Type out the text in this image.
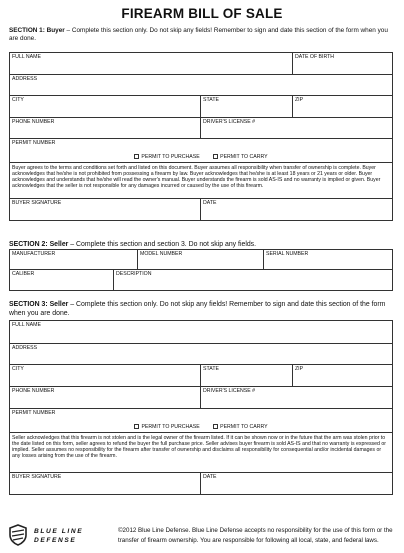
FIREARM BILL OF SALE
SECTION 1: Buyer – Complete this section only. Do not skip any fields! Remember to sign and date this section of the form when you are done.
FULL NAME		DATE OF BIRTH

ADDRESS		

CITY	STATE	ZIP

PHONE NUMBER	DRIVER'S LICENSE #	

PERMIT NUMBER
PERMIT TO PURCHASE PERMIT TO CARRY		

Buyer agrees to the terms and conditions set forth and listed on this document. Buyer assumes all responsibility when transfer of ownership is complete. Buyer acknowledges that he/she is not prohibited from possessing a firearm by law. Buyer acknowledges that he/she is at least 18 years or 21 years or older. Buyer acknowledges and understands that he/she will read the owner's manual. Buyer understands the firearm is sold AS-IS and no warranty is implied or given. Buyer acknowledges that the seller is not responsible for any damages incurred or caused by the use of this firearm.		

BUYER SIGNATURE	DATE	
SECTION 2: Seller – Complete this section and section 3. Do not skip any fields.
MANUFACTURER		MODEL NUMBER	SERIAL NUMBER

CALIBER	DESCRIPTION		
SECTION 3: Seller – Complete this section only. Do not skip any fields! Remember to sign and date this section of the form when you are done.
FULL NAME		

ADDRESS		

CITY	STATE	ZIP

PHONE NUMBER	DRIVER'S LICENSE #	

PERMIT NUMBER
PERMIT TO PURCHASE PERMIT TO CARRY		

Seller acknowledges that this firearm is not stolen and is the legal owner of the firearm listed. If it can be shown now or in the future that the arm was stolen prior to the date listed on this form, seller agrees to refund the buyer the full purchase price. Seller advises buyer firearm is sold AS-IS and that no warranty is expressed or implied. Seller assumes no responsibility for the firearm after transfer of ownership and disclaims all responsibility for consequential and/or incidental damages or any losses arising from the use of the firearm.		

BUYER SIGNATURE	DATE	
BLUE LINE
DEFENSE
©2012 Blue Line Defense. Blue Line Defense accepts no responsibility for the use of this form or the transfer of firearm ownership. You are responsible for following all local, state, and federal laws.
